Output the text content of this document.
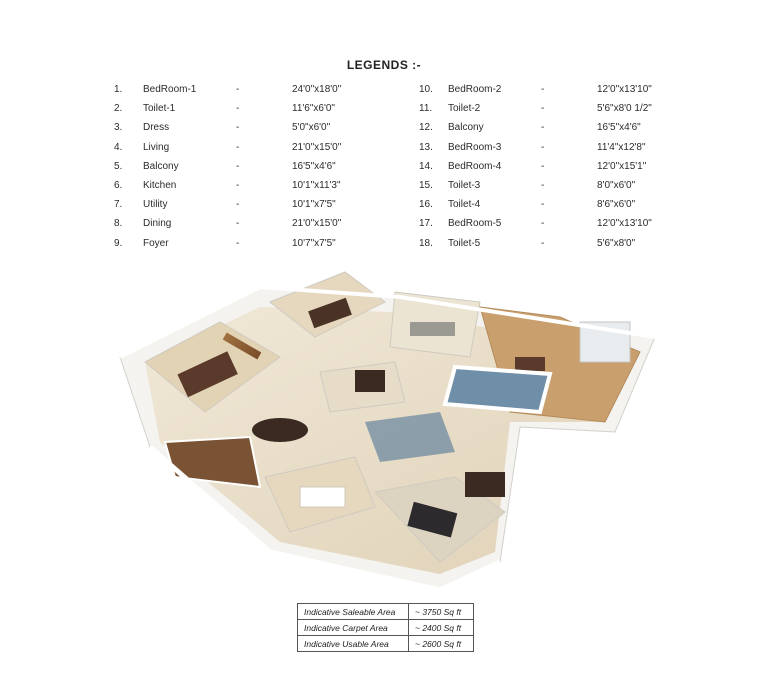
LEGENDS :-
1. BedRoom-1	-	24'0"x18'0"
2. Toilet-1	-	11'6"x6'0"
3. Dress	-	5'0"x6'0"
4. Living	-	21'0"x15'0"
5. Balcony	-	16'5"x4'6"
6. Kitchen	-	10'1"x11'3"
7. Utility	-	10'1"x7'5"
8. Dining	-	21'0"x15'0"
9. Foyer	-	10'7"x7'5"
10. BedRoom-2	-	12'0"x13'10"
11. Toilet-2	-	5'6"x8'0 1/2"
12. Balcony	-	16'5"x4'6"
13. BedRoom-3	-	11'4"x12'8"
14. BedRoom-4	-	12'0"x15'1"
15. Toilet-3	-	8'0"x6'0"
16. Toilet-4	-	8'6"x6'0"
17. BedRoom-5	-	12'0"x13'10"
18. Toilet-5	-	5'6"x8'0"
Indicative Saleable Area	~ 3750 Sq ft
Indicative Carpet Area	~ 2400 Sq ft
Indicative Usable Area	~ 2600 Sq ft
